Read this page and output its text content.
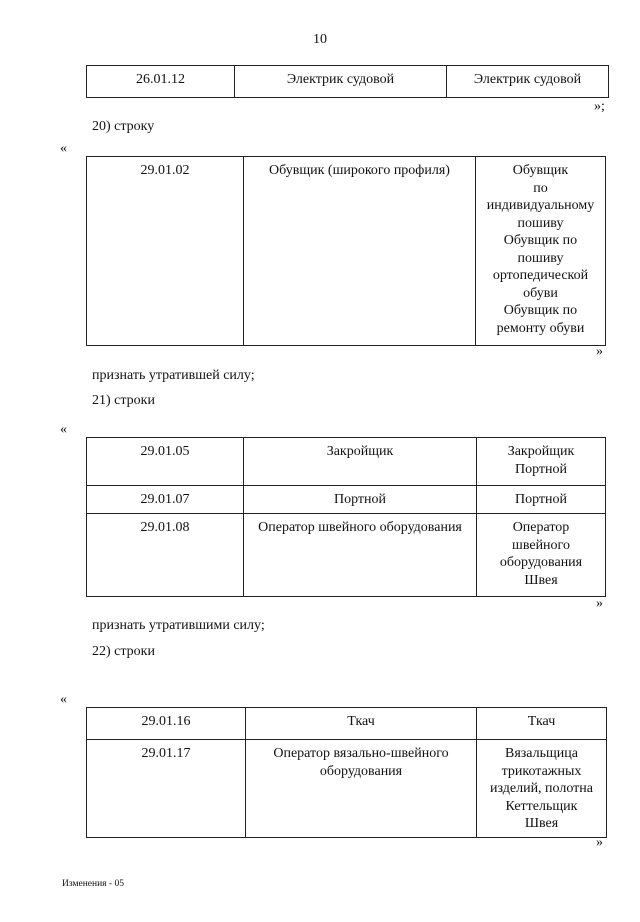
10
26.01.12	Электрик судовой	Электрик судовой
»;
20) строку
«
29.01.02	Обувщик (широкого профиля)	Обувщик
по
индивидуальному
пошиву
Обувщик по
пошиву
ортопедической
обуви
Обувщик по
ремонту обуви
»
признать утратившей силу;
21) строки
«
29.01.05	Закройщик	Закройщик
Портной

29.01.07	Портной	Портной
29.01.08	Оператор швейного оборудования	Оператор
швейного
оборудования
Швея
»
признать утратившими силу;
22) строки
«
29.01.16	Ткач	Ткач
29.01.17	Оператор вязально-швейного оборудования	Вязальщица
трикотажных
изделий, полотна
Кеттельщик
Швея
»
Изменения - 05
